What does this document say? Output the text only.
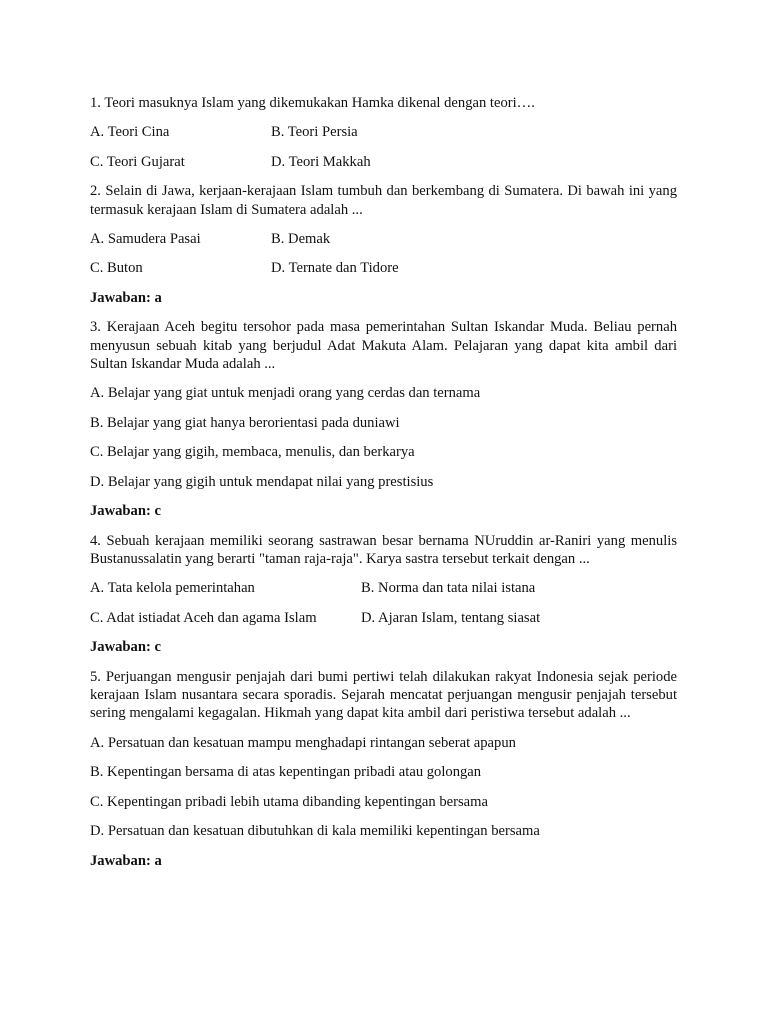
1. Teori masuknya Islam yang dikemukakan Hamka dikenal dengan teori….
A. Teori Cina	B. Teori Persia
C. Teori Gujarat	D. Teori Makkah
2. Selain di Jawa, kerjaan-kerajaan Islam tumbuh dan berkembang di Sumatera. Di bawah ini yang termasuk kerajaan Islam di Sumatera adalah ...
A. Samudera Pasai	B. Demak
C. Buton	D. Ternate dan Tidore
Jawaban: a
3. Kerajaan Aceh begitu tersohor pada masa pemerintahan Sultan Iskandar Muda. Beliau pernah menyusun sebuah kitab yang berjudul Adat Makuta Alam. Pelajaran yang dapat kita ambil dari Sultan Iskandar Muda adalah ...
A. Belajar yang giat untuk menjadi orang yang cerdas dan ternama
B. Belajar yang giat hanya berorientasi pada duniawi
C. Belajar yang gigih, membaca, menulis, dan berkarya
D. Belajar yang gigih untuk mendapat nilai yang prestisius
Jawaban: c
4. Sebuah kerajaan memiliki seorang sastrawan besar bernama NUruddin ar-Raniri yang menulis Bustanussalatin yang berarti "taman raja-raja". Karya sastra tersebut terkait dengan ...
A. Tata kelola pemerintahan	B. Norma dan tata nilai istana
C. Adat istiadat Aceh dan agama Islam	D. Ajaran Islam, tentang siasat
Jawaban: c
5. Perjuangan mengusir penjajah dari bumi pertiwi telah dilakukan rakyat Indonesia sejak periode kerajaan Islam nusantara secara sporadis. Sejarah mencatat perjuangan mengusir penjajah tersebut sering mengalami kegagalan. Hikmah yang dapat kita ambil dari peristiwa tersebut adalah ...
A. Persatuan dan kesatuan mampu menghadapi rintangan seberat apapun
B. Kepentingan bersama di atas kepentingan pribadi atau golongan
C. Kepentingan pribadi lebih utama dibanding kepentingan bersama
D. Persatuan dan kesatuan dibutuhkan di kala memiliki kepentingan bersama
Jawaban: a
